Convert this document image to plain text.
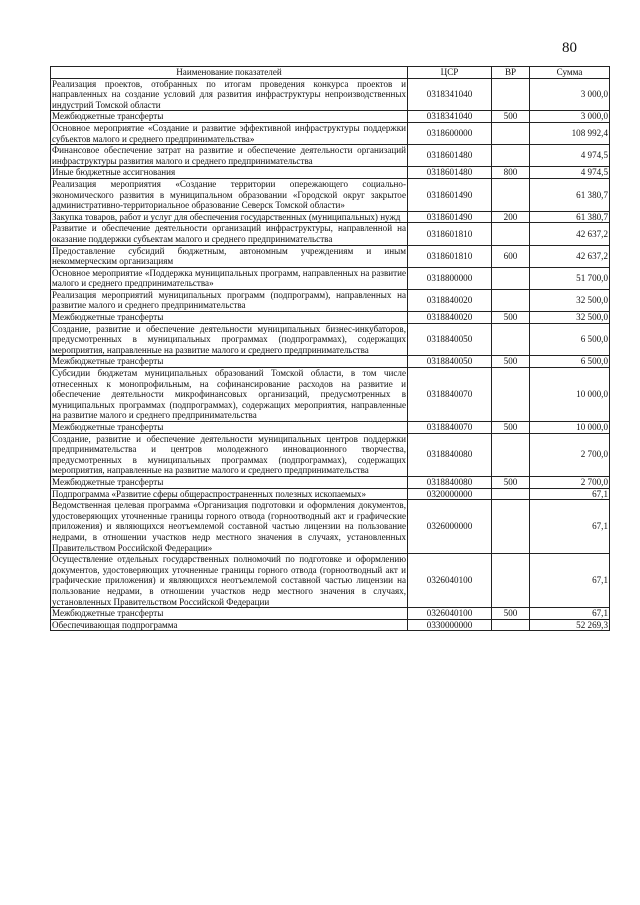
80
Наименование показателей	ЦСР	ВР	Сумма
Реализация проектов, отобранных по итогам проведения конкурса проектов и направленных на создание условий для развития инфраструктуры непроизводственных индустрий Томской области	0318341040		3 000,0
Межбюджетные трансферты	0318341040	500	3 000,0
Основное мероприятие «Создание и развитие эффективной инфраструктуры поддержки субъектов малого и среднего предпринимательства»	0318600000		108 992,4
Финансовое обеспечение затрат на развитие и обеспечение деятельности организаций инфраструктуры развития малого и среднего предпринимательства	0318601480		4 974,5
Иные бюджетные ассигнования	0318601480	800	4 974,5
Реализация мероприятия «Создание территории опережающего социально-экономического развития в муниципальном образовании «Городской округ закрытое административно-территориальное образование Северск Томской области»	0318601490		61 380,7
Закупка товаров, работ и услуг для обеспечения государственных (муниципальных) нужд	0318601490	200	61 380,7
Развитие и обеспечение деятельности организаций инфраструктуры, направленной на оказание поддержки субъектам малого и среднего предпринимательства	0318601810		42 637,2
Предоставление субсидий бюджетным, автономным учреждениям и иным некоммерческим организациям	0318601810	600	42 637,2
Основное мероприятие «Поддержка муниципальных программ, направленных на развитие малого и среднего предпринимательства»	0318800000		51 700,0
Реализация мероприятий муниципальных программ (подпрограмм), направленных на развитие малого и среднего предпринимательства	0318840020		32 500,0
Межбюджетные трансферты	0318840020	500	32 500,0
Создание, развитие и обеспечение деятельности муниципальных бизнес-инкубаторов, предусмотренных в муниципальных программах (подпрограммах), содержащих мероприятия, направленные на развитие малого и среднего предпринимательства	0318840050		6 500,0
Межбюджетные трансферты	0318840050	500	6 500,0
Субсидии бюджетам муниципальных образований Томской области, в том числе отнесенных к монопрофильным, на софинансирование расходов на развитие и обеспечение деятельности микрофинансовых организаций, предусмотренных в муниципальных программах (подпрограммах), содержащих мероприятия, направленные на развитие малого и среднего предпринимательства	0318840070		10 000,0
Межбюджетные трансферты	0318840070	500	10 000,0
Создание, развитие и обеспечение деятельности муниципальных центров поддержки предпринимательства и центров молодежного инновационного творчества, предусмотренных в муниципальных программах (подпрограммах), содержащих мероприятия, направленные на развитие малого и среднего предпринимательства	0318840080		2 700,0
Межбюджетные трансферты	0318840080	500	2 700,0
Подпрограмма «Развитие сферы общераспространенных полезных ископаемых»	0320000000		67,1
Ведомственная целевая программа «Организация подготовки и оформления документов, удостоверяющих уточненные границы горного отвода (горноотводный акт и графические приложения) и являющихся неотъемлемой составной частью лицензии на пользование недрами, в отношении участков недр местного значения в случаях, установленных Правительством Российской Федерации»	0326000000		67,1
Осуществление отдельных государственных полномочий по подготовке и оформлению документов, удостоверяющих уточненные границы горного отвода (горноотводный акт и графические приложения) и являющихся неотъемлемой составной частью лицензии на пользование недрами, в отношении участков недр местного значения в случаях, установленных Правительством Российской Федерации	0326040100		67,1
Межбюджетные трансферты	0326040100	500	67,1
Обеспечивающая подпрограмма	0330000000		52 269,3
